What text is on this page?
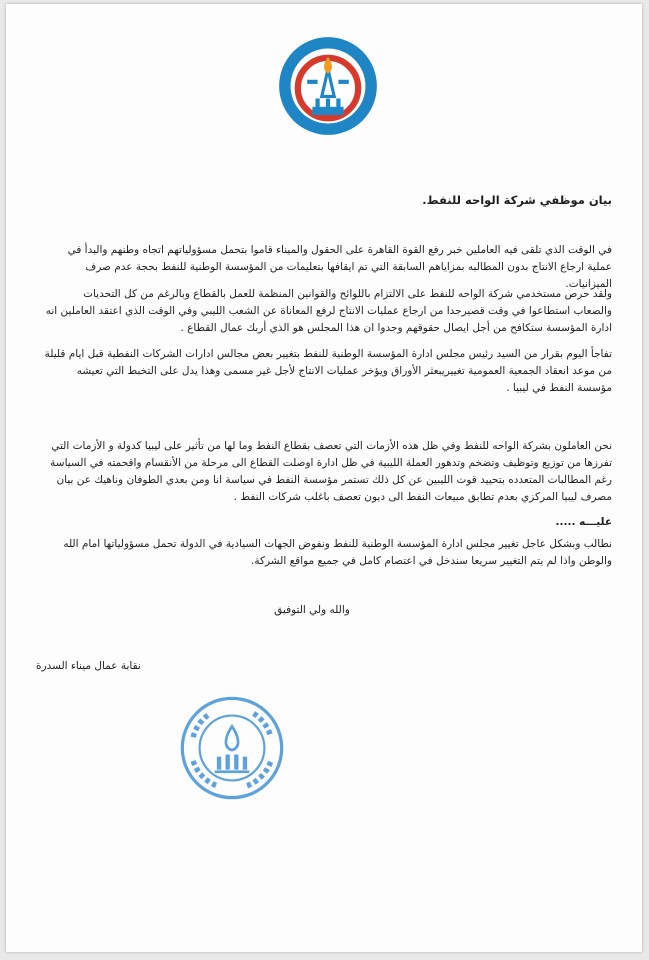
بيان موظفي شركة الواحه للنفط.
في الوقت الذي تلقى فيه العاملين خبر رفع القوة القاهرة على الحقول والميناء قاموا بتحمل مسؤولياتهم اتجاه وطنهم والبدأ في عملية ارجاع الانتاج بدون المطالبه بمزاياهم السابقة التي تم ايقافها بتعليمات من المؤسسة الوطنية للنفط بحجة عدم صرف الميزانيات.
ولقد حرص مستخدمي شركة الواحه للنفط على الالتزام باللوائح والقوانين المنظمة للعمل بالقطاع وبالرغم من كل التحديات والصعاب استطاعوا في وقت قصيرجدا من ارجاع عمليات الانتاج لرفع المعاناة عن الشعب الليبي وفي الوقت الذي اعتقد العاملين انه ادارة المؤسسة ستكافح من أجل ايصال حقوقهم وجدوا ان هذا المجلس هو الذي أربك عمال القطاع .
تفاجأ اليوم بقرار من السيد رئيس مجلس ادارة المؤسسة الوطنية للنفط بتغيير بعض مجالس ادارات الشركات النفطية قبل ايام قليلة من موعد انعقاد الجمعية العمومية تغييريبعثر الأوراق ويؤخر عمليات الانتاج لأجل غير مسمى وهذا يدل على التخبط التي تعيشه مؤسسة النفط في ليبيا .
نحن العاملون بشركة الواحه للنفط وفي ظل هذه الأزمات التي تعصف بقطاع النفط وما لها من تأثير على ليبيا كدولة و الأزمات التي تفرزها من توزيع وتوظيف وتضخم وتدهور العملة الليبية في ظل ادارة اوصلت القطاع الى مرحلة من الأنقسام واقحمته في السياسة رغم المطالبات المتعدده بتحييد قوت الليبين عن كل ذلك تستمر مؤسسة النفط في سياسة انا ومن بعدي الطوفان وناهيك عن بيان مصرف ليبيا المركزي بعدم تطابق مبيعات النفط الى ديون تعصف باغلب شركات النفط .
عليـــه .....
نطالب وبشكل عاجل تغيير مجلس ادارة المؤسسة الوطنية للنفط ونفوض الجهات السيادية في الدولة تحمل مسؤولياتها امام الله والوطن واذا لم يتم التغيير سريعا سندخل في اعتصام كامل في جميع مواقع الشركة.
والله ولي التوفيق
نقابة عمال ميناء السدرة
